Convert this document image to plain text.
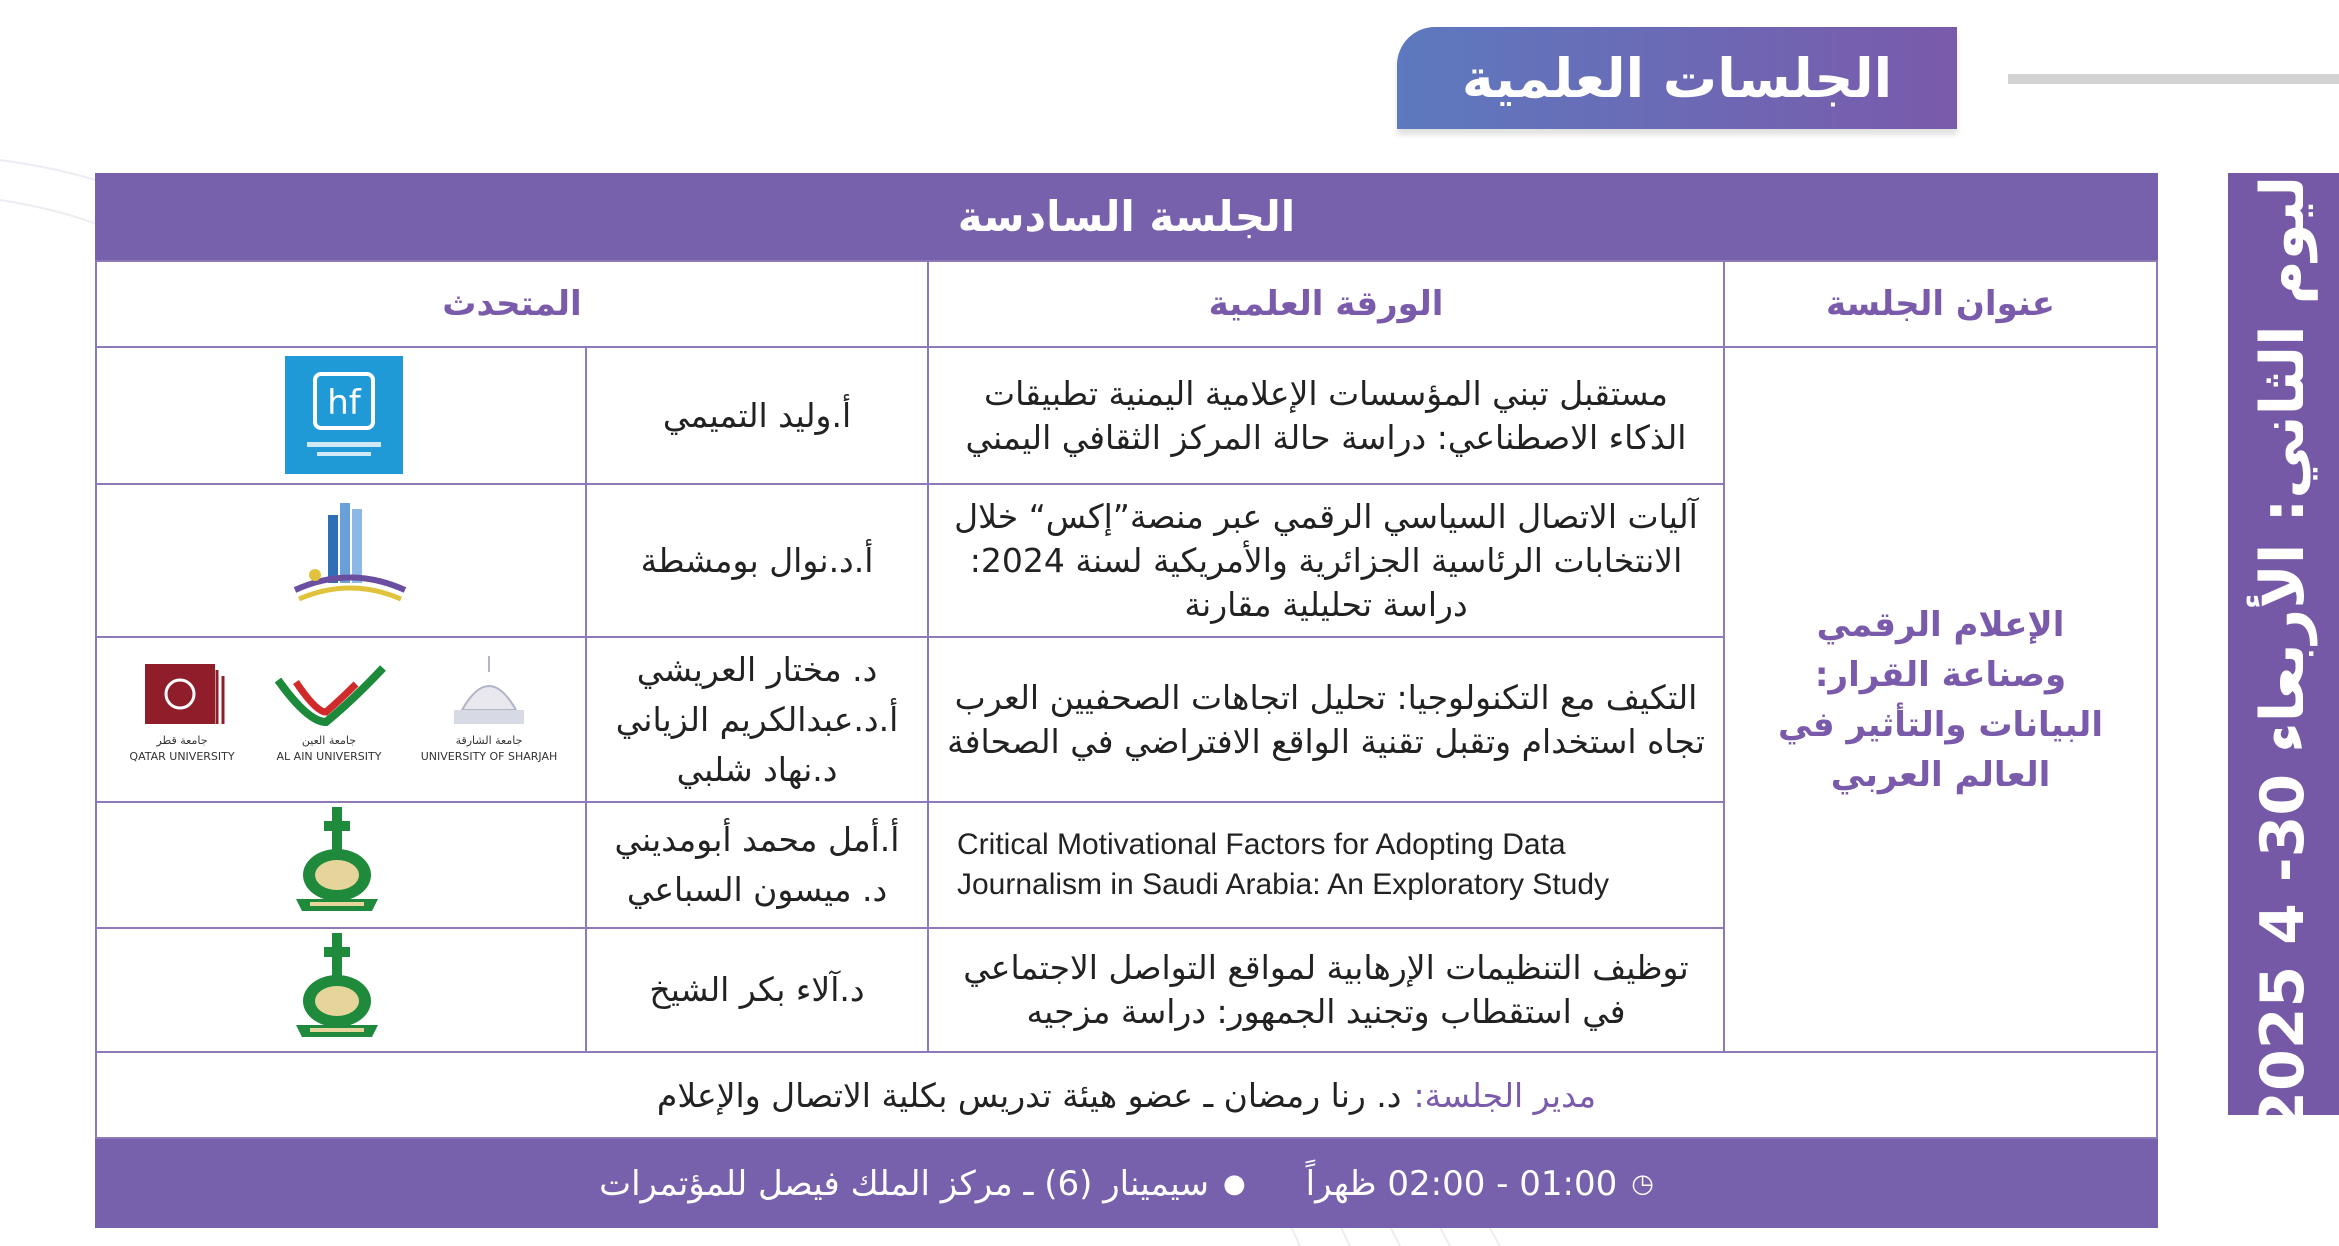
الجلسات العلمية
اليوم الثاني: الأربعاء 30- 4 2025
الجلسة السادسة
عنوان الجلسة
الورقة العلمية
المتحدث
الإعلام الرقمي وصناعة القرار: البيانات والتأثير في العالم العربي
مستقبل تبني المؤسسات الإعلامية اليمنية تطبيقات الذكاء الاصطناعي: دراسة حالة المركز الثقافي اليمني
أ.وليد التميمي
آليات الاتصال السياسي الرقمي عبر منصة”إكس“ خلال الانتخابات الرئاسية الجزائرية والأمريكية لسنة 2024: دراسة تحليلية مقارنة
أ.د.نوال بومشطة
التكيف مع التكنولوجيا: تحليل اتجاهات الصحفيين العرب تجاه استخدام وتقبل تقنية الواقع الافتراضي في الصحافة
د. مختار العريشي
أ.د.عبدالكريم الزياني
د.نهاد شلبي
Critical Motivational Factors for Adopting Data Journalism in Saudi Arabia: An Exploratory Study
أ.أمل محمد أبومديني
د. ميسون السباعي
توظيف التنظيمات الإرهابية لمواقع التواصل الاجتماعي في استقطاب وتجنيد الجمهور: دراسة مزجيه
د.آلاء بكر الشيخ
مدير الجلسة:
د. رنا رمضان ـ عضو هيئة تدريس بكلية الاتصال والإعلام
hf
جامعة قطر
QATAR UNIVERSITY
جامعة العين
AL AIN UNIVERSITY
جامعة الشارقة
UNIVERSITY OF SHARJAH
◷
01:00 - 02:00 ظهراً
●
سيمينار (6) ـ مركز الملك فيصل للمؤتمرات
